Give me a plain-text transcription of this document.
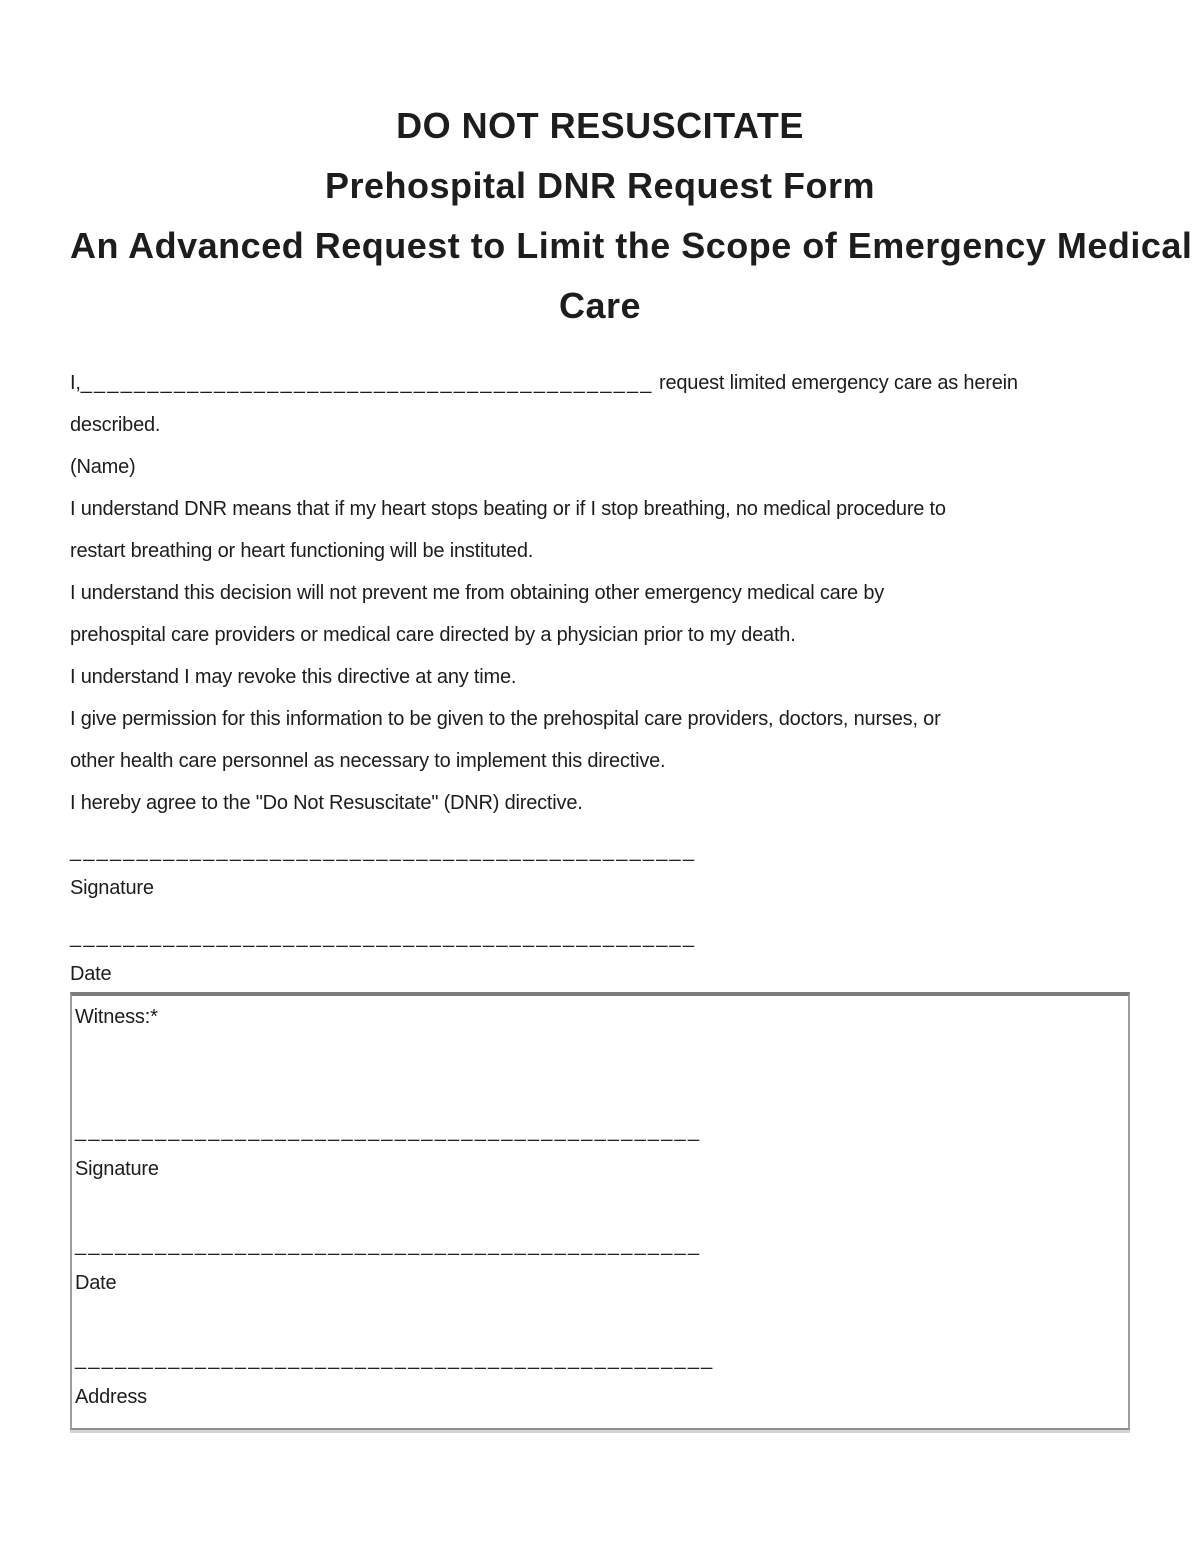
DO NOT RESUSCITATE
Prehospital DNR Request Form
An Advanced Request to Limit the Scope of Emergency Medical
Care
I,___________________________________________ request limited emergency care as herein
described.
(Name)
I understand DNR means that if my heart stops beating or if I stop breathing, no medical procedure to
restart breathing or heart functioning will be instituted.
I understand this decision will not prevent me from obtaining other emergency medical care by
prehospital care providers or medical care directed by a physician prior to my death.
I understand I may revoke this directive at any time.
I give permission for this information to be given to the prehospital care providers, doctors, nurses, or
other health care personnel as necessary to implement this directive.
I hereby agree to the "Do Not Resuscitate" (DNR) directive.
_______________________________________________
Signature
_______________________________________________
Date
Witness:*
_______________________________________________
Signature
_______________________________________________
Date
________________________________________________
Address
